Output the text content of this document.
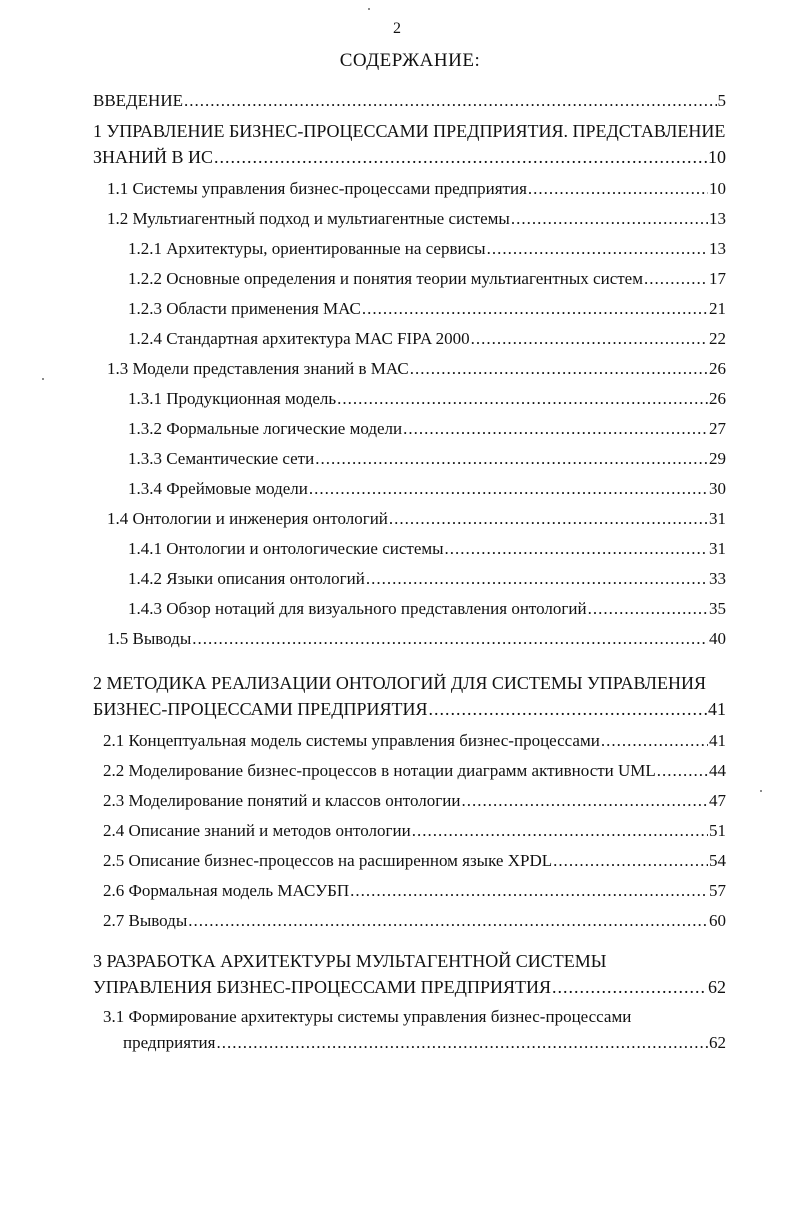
2
СОДЕРЖАНИЕ:
ВВЕДЕНИЕ .....	5
1 УПРАВЛЕНИЕ БИЗНЕС-ПРОЦЕССАМИ ПРЕДПРИЯТИЯ. ПРЕДСТАВЛЕНИЕ
ЗНАНИЙ В ИС .....	10
1.1 Системы управления бизнес-процессами предприятия .....	10
1.2 Мультиагентный подход и мультиагентные системы .....	13
1.2.1 Архитектуры, ориентированные на сервисы .....	13
1.2.2 Основные определения и понятия теории мультиагентных систем .....	17
1.2.3 Области применения МАС .....	21
1.2.4 Стандартная архитектура МАС FIPA 2000 .....	22
1.3 Модели представления знаний в МАС .....	26
1.3.1 Продукционная модель .....	26
1.3.2 Формальные логические модели .....	27
1.3.3 Семантические сети .....	29
1.3.4 Фреймовые модели .....	30
1.4 Онтологии и инженерия онтологий .....	31
1.4.1 Онтологии и онтологические системы .....	31
1.4.2 Языки описания онтологий .....	33
1.4.3 Обзор нотаций для визуального представления онтологий .....	35
1.5 Выводы .....	40
2 МЕТОДИКА РЕАЛИЗАЦИИ ОНТОЛОГИЙ ДЛЯ СИСТЕМЫ УПРАВЛЕНИЯ
БИЗНЕС-ПРОЦЕССАМИ ПРЕДПРИЯТИЯ .....	41
2.1 Концептуальная модель системы управления бизнес-процессами .....	41
2.2 Моделирование бизнес-процессов в нотации диаграмм активности UML .....	44
2.3 Моделирование понятий и классов онтологии .....	47
2.4 Описание знаний и методов онтологии .....	51
2.5 Описание бизнес-процессов на расширенном языке XPDL .....	54
2.6 Формальная модель МАСУБП .....	57
2.7 Выводы .....	60
3 РАЗРАБОТКА АРХИТЕКТУРЫ МУЛЬТАГЕНТНОЙ СИСТЕМЫ
УПРАВЛЕНИЯ БИЗНЕС-ПРОЦЕССАМИ ПРЕДПРИЯТИЯ .....	62
3.1 Формирование архитектуры системы управления бизнес-процессами
предприятия .....	62
